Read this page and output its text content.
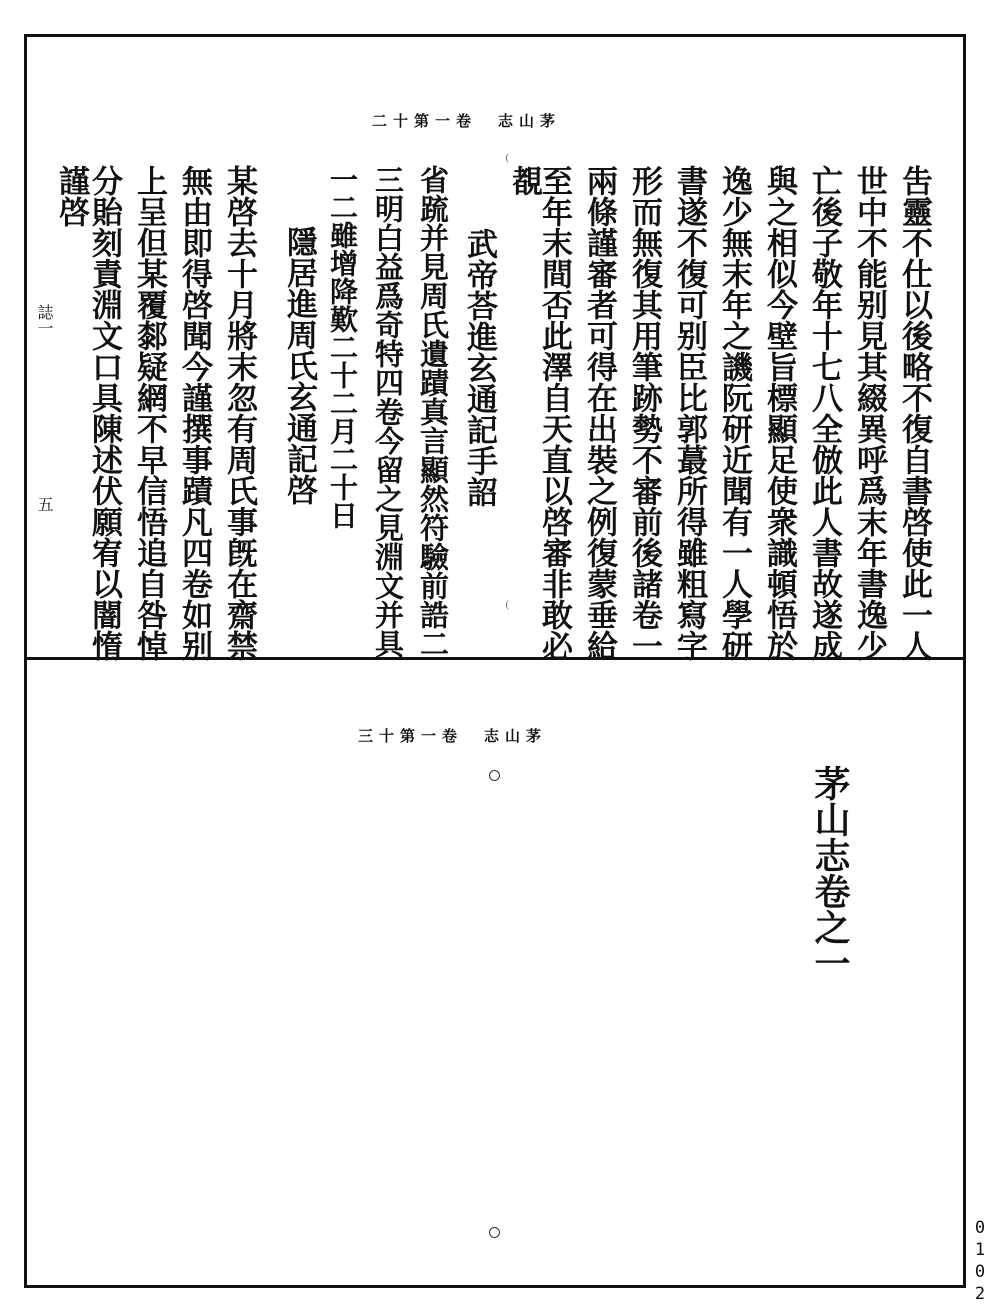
二十第一卷　志山茅
吿靈不仕以後略不復自書啓使此一人
世中不能别見其綴異呼爲末年書逸少
亡後子敬年十七八全倣此人書故遂成
與之相似今壁旨標顯足使衆識頓悟於
逸少無末年之譏阮研近聞有一人學研
書遂不復可别臣比郭蕞所得雖粗寫字
形而無復其用筆跡勢不審前後諸卷一
兩條謹審者可得在出裝之例復蒙垂給
至年末間否此澤自天直以啓審非敢必
覩
武帝荅進玄通記手詔
省䟽并見周氏遺蹟真言顯然符驗前誥二
三明白益爲奇特四卷今留之見淵文并具
一二雖增降歎二十二月二十日
隱居進周氏玄通記啓
某啓去十月將末忽有周氏事旣在齋禁
無由即得啓聞今謹撰事蹟凡四卷如别
上呈但某覆䣛疑網不早信悟追自咎悼
分貽刻責淵文口具陳述伏願宥以闇惰
謹啓
誌一
五
三十第一卷　志山茅
茅山志卷之一
0102
